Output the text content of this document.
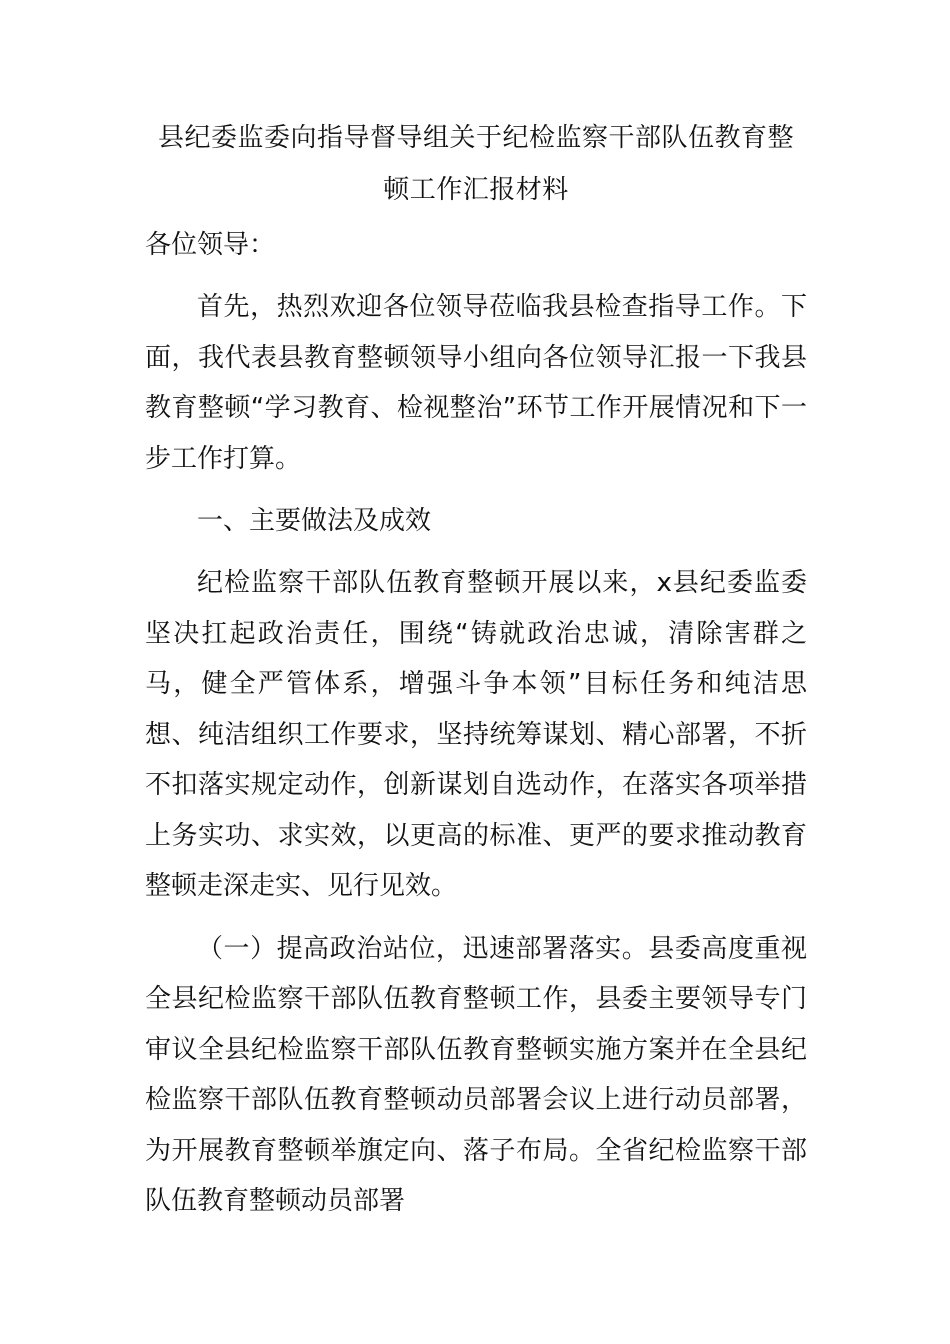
县纪委监委向指导督导组关于纪检监察干部队伍教育整顿工作汇报材料

各位领导：

首先，热烈欢迎各位领导莅临我县检查指导工作。下面，我代表县教育整顿领导小组向各位领导汇报一下我县教育整顿“学习教育、检视整治”环节工作开展情况和下一步工作打算。

一、主要做法及成效

纪检监察干部队伍教育整顿开展以来，x县纪委监委坚决扛起政治责任，围绕“铸就政治忠诚，清除害群之马，健全严管体系，增强斗争本领”目标任务和纯洁思想、纯洁组织工作要求，坚持统筹谋划、精心部署，不折不扣落实规定动作，创新谋划自选动作，在落实各项举措上务实功、求实效，以更高的标准、更严的要求推动教育整顿走深走实、见行见效。

（一）提高政治站位，迅速部署落实。县委高度重视全县纪检监察干部队伍教育整顿工作，县委主要领导专门审议全县纪检监察干部队伍教育整顿实施方案并在全县纪检监察干部队伍教育整顿动员部署会议上进行动员部署，为开展教育整顿举旗定向、落子布局。全省纪检监察干部队伍教育整顿动员部署
